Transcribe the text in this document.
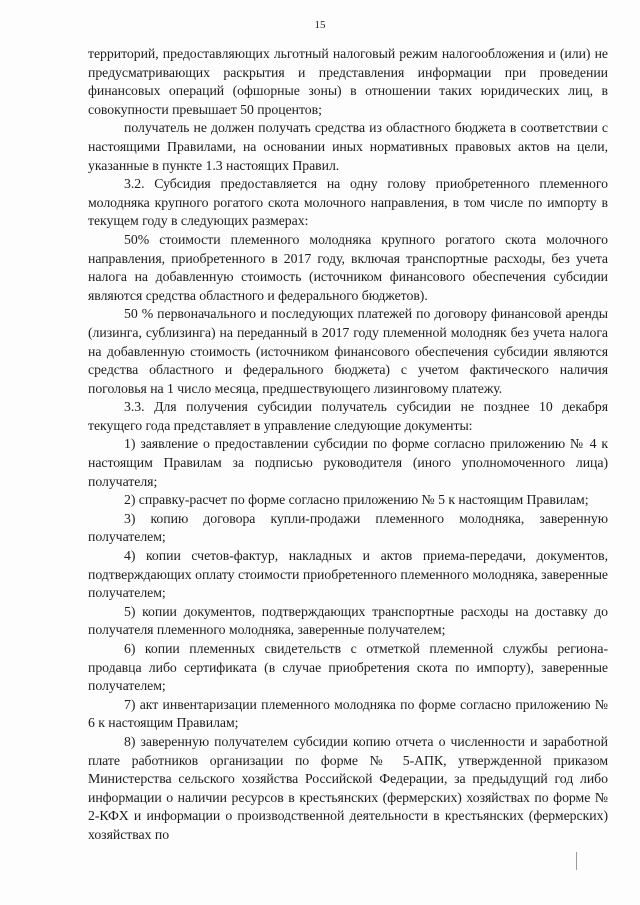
15

территорий, предоставляющих льготный налоговый режим налогообложения и (или) не предусматривающих раскрытия и представления информации при проведении финансовых операций (офшорные зоны) в отношении таких юридических лиц, в совокупности превышает 50 процентов;

получатель не должен получать средства из областного бюджета в соответствии с настоящими Правилами, на основании иных нормативных правовых актов на цели, указанные в пункте 1.3 настоящих Правил.

3.2. Субсидия предоставляется на одну голову приобретенного племенного молодняка крупного рогатого скота молочного направления, в том числе по импорту в текущем году в следующих размерах:

50% стоимости племенного молодняка крупного рогатого скота молочного направления, приобретенного в 2017 году, включая транспортные расходы, без учета налога на добавленную стоимость (источником финансового обеспечения субсидии являются средства областного и федерального бюджетов).

50 % первоначального и последующих платежей по договору финансовой аренды (лизинга, сублизинга) на переданный в 2017 году племенной молодняк без учета налога на добавленную стоимость (источником финансового обеспечения субсидии являются средства областного и федерального бюджета) с учетом фактического наличия поголовья на 1 число месяца, предшествующего лизинговому платежу.

3.3. Для получения субсидии получатель субсидии не позднее 10 декабря текущего года представляет в управление следующие документы:

1) заявление о предоставлении субсидии по форме согласно приложению № 4 к настоящим Правилам за подписью руководителя (иного уполномоченного лица) получателя;

2) справку-расчет по форме согласно приложению № 5 к настоящим Правилам;

3) копию договора купли-продажи племенного молодняка, заверенную получателем;

4) копии счетов-фактур, накладных и актов приема-передачи, документов, подтверждающих оплату стоимости приобретенного племенного молодняка, заверенные получателем;

5) копии документов, подтверждающих транспортные расходы на доставку до получателя племенного молодняка, заверенные получателем;

6) копии племенных свидетельств с отметкой племенной службы региона-продавца либо сертификата (в случае приобретения скота по импорту), заверенные получателем;

7) акт инвентаризации племенного молодняка по форме согласно приложению № 6 к настоящим Правилам;

8) заверенную получателем субсидии копию отчета о численности и заработной плате работников организации по форме № 5-АПК, утвержденной приказом Министерства сельского хозяйства Российской Федерации, за предыдущий год либо информации о наличии ресурсов в крестьянских (фермерских) хозяйствах по форме № 2-КФХ и информации о производственной деятельности в крестьянских (фермерских) хозяйствах по
